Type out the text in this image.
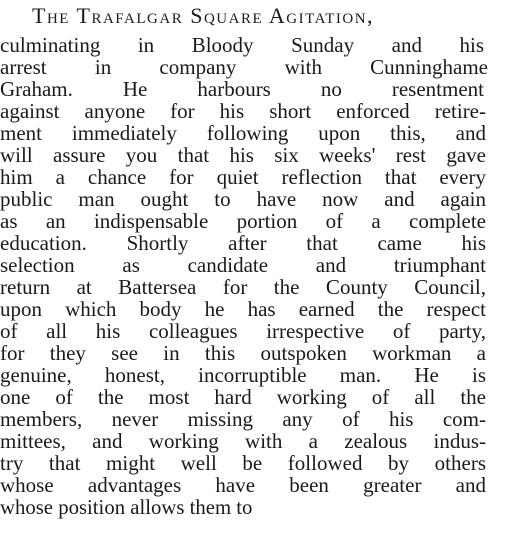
The Trafalgar Square Agitation,
culminating in Bloody Sunday and his
arrest in company with Cunninghame
Graham. He harbours no resentment
against anyone for his short enforced retire-
ment immediately following upon this, and
will assure you that his six weeks' rest gave
him a chance for quiet reflection that every
public man ought to have now and again
as an indispensable portion of a complete
education. Shortly after that came his
selection as candidate and triumphant
return at Battersea for the County Council,
upon which body he has earned the respect
of all his colleagues irrespective of party,
for they see in this outspoken workman a
genuine, honest, incorruptible man. He is
one of the most hard working of all the
members, never missing any of his com-
mittees, and working with a zealous indus-
try that might well be followed by others
whose advantages have been greater and
whose position allows them to
